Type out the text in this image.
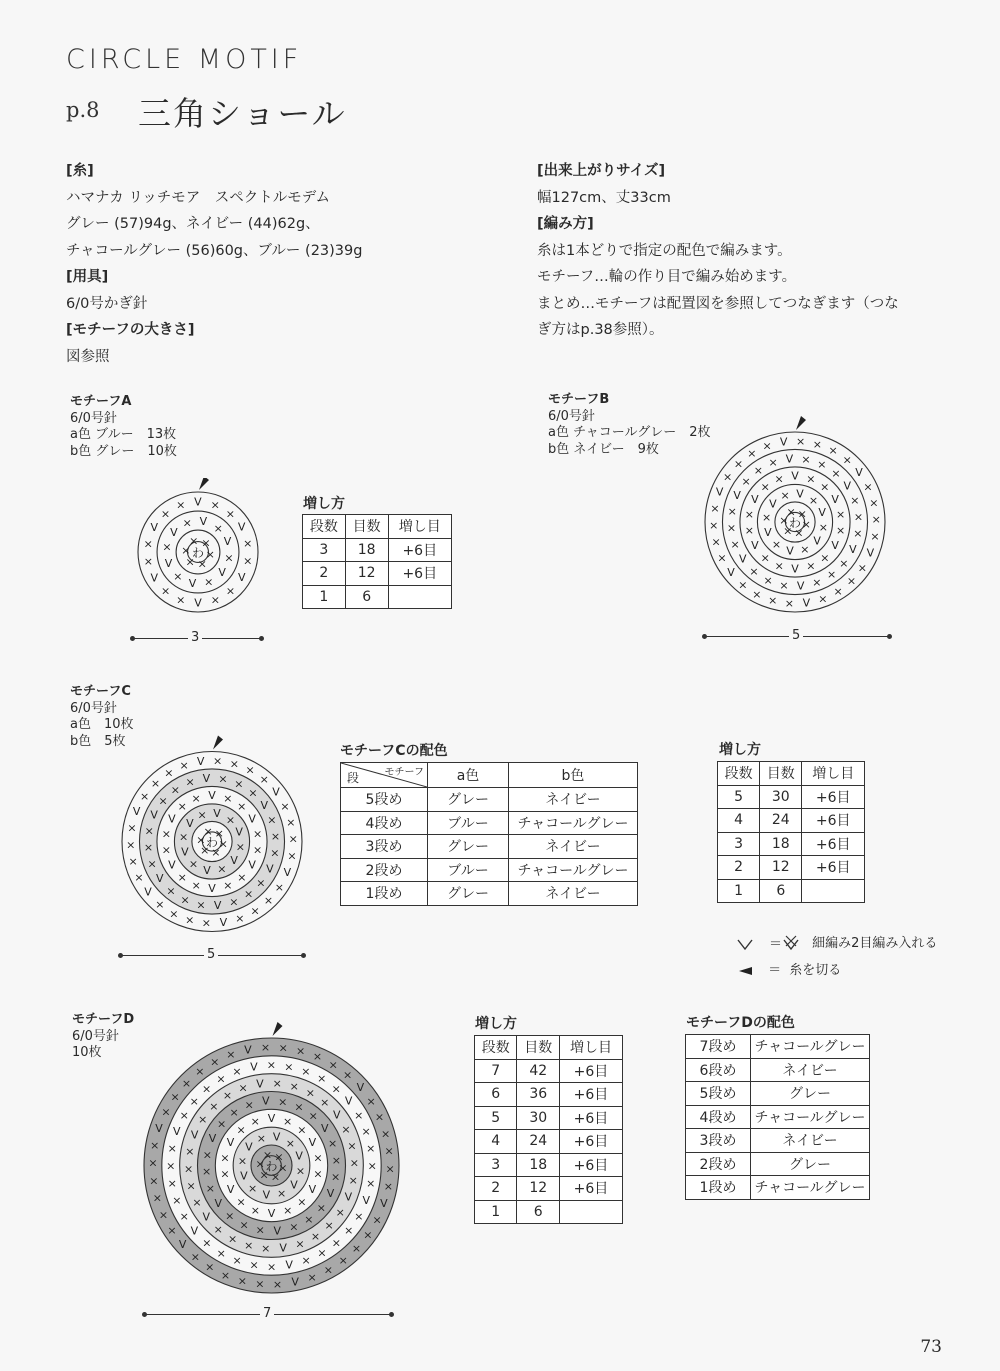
CIRCLE MOTIF
p.8 三角ショール
[糸]
ハマナカ リッチモア　スペクトルモデム
グレー (57)94g、ネイビー (44)62g、
チャコールグレー (56)60g、ブルー (23)39g
[用具]
6/0号かぎ針
[モチーフの大きさ]
図参照
[出来上がりサイズ]
幅127cm、丈33cm
[編み方]
糸は1本どりで指定の配色で編みます。
モチーフ…輪の作り目で編み始めます。
まとめ…モチーフは配置図を参照してつなぎます（つな
ぎ方はp.38参照）。
モチーフA
6/0号針
a色 ブルー　13枚
b色 グレー　10枚
×
×
× ×
×
×
×
V
×
V
×
V ×
V
×
V
×
V
×
×
V
×
×
V
×
× V ×
×
V
×
×
V
×
×
V
わ
3
増し方
段数	目数	増し目
3	18	+6目
2	12	+6目
1	6	
モチーフB
6/0号針
a色 チャコールグレー　2枚
b色 ネイビー　9枚
×
×
× ×
×
×
×
V
×
V
× V ×
V
×
V
×
V
×
×
V
×
×
V
×
× V ×
×
V
×
×
V
×
×
V
×
×
×
V
×
×
×
V
×
× × V ×
×
×
V
×
×
×
V
×
×
×
V
×
×
×
×
V
×
×
×
×
V
×
× × × V ×
×
×
×
V
×
×
×
×
V
×
×
×
×
V
わ
5
モチーフC
6/0号針
a色　10枚
b色　5枚
×
×
× ×
×
×
×
V
×
V
× V ×
V
×
V
×
V
×
×
V
×
×
V
×
× V ×
×
V
×
×
V
×
×
V
×
×
×
V
×
×
×
V
×
× × V ×
×
×
V
×
×
×
V
×
×
×
V
×
×
×
×
V
×
×
×
×
V
×
× × × V ×
×
×
×
V
×
×
×
×
V
×
×
×
×
V
わ
5
モチーフCの配色
段 モチーフ	a色	b色
5段め	グレー	ネイビー
4段め	ブルー	チャコールグレー
3段め	グレー	ネイビー
2段め	ブルー	チャコールグレー
1段め	グレー	ネイビー
増し方
段数	目数	増し目
5	30	+6目
4	24	+6目
3	18	+6目
2	12	+6目
1	6	

＝ 細編み2目編み入れる
＝ 糸を切る
モチーフD
6/0号針
10枚
×
×
× ×
×
×
×
V
×
V
× V ×
V
×
V
×
V
×
×
V
×
×
V
×
× V ×
×
V
×
×
V
×
×
V
×
×
×
V
×
×
×
V
×
× × V ×
×
×
V
×
×
×
V
×
×
×
V
×
×
×
×
V
×
×
×
×
V
×
× × × V ×
×
×
×
V
×
×
×
×
V
×
×
×
×
V
×
×
×
×
×
V
×
×
×
×
×
V
×
×
× × × V ×
×
×
×
×
V
×
×
×
×
×
V
×
×
×
×
×
V
×
×
×
×
×
×
V
×
×
×
×
×
×
V
×
×
× × × × V ×
×
×
×
×
×
V
×
×
×
×
×
×
V
×
×
×
×
×
×
V
わ
7
増し方
段数	目数	増し目
7	42	+6目
6	36	+6目
5	30	+6目
4	24	+6目
3	18	+6目
2	12	+6目
1	6	
モチーフDの配色
7段め	チャコールグレー
6段め	ネイビー
5段め	グレー
4段め	チャコールグレー
3段め	ネイビー
2段め	グレー
1段め	チャコールグレー
73
